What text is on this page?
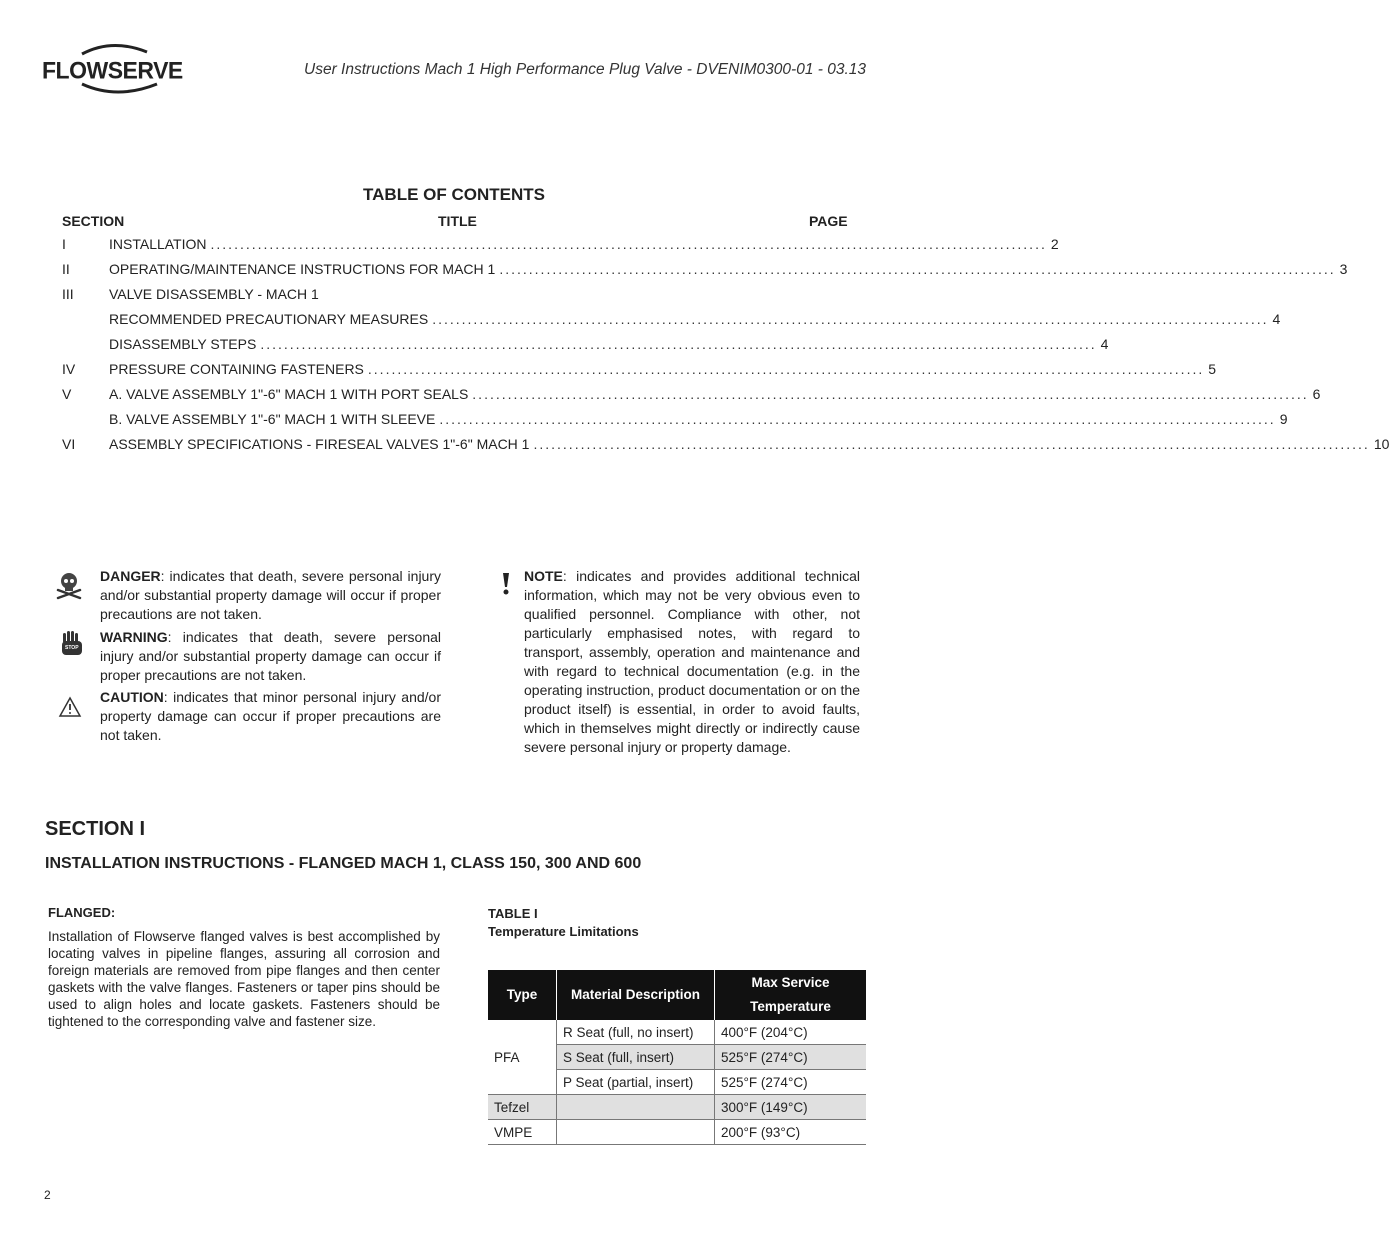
FLOWSERVE	User Instructions Mach 1 High Performance Plug Valve - DVENIM0300-01 - 03.13
TABLE OF CONTENTS
SECTION	TITLE	PAGE
I	INSTALLATION .............................................................................................................................................. 2
II	OPERATING/MAINTENANCE INSTRUCTIONS FOR MACH 1 .............................................................................................................................................. 3
III	VALVE DISASSEMBLY - MACH 1
RECOMMENDED PRECAUTIONARY MEASURES .............................................................................................................................................. 4
DISASSEMBLY STEPS .............................................................................................................................................. 4
IV PRESSURE CONTAINING FASTENERS .............................................................................................................................................. 5
V	A. VALVE ASSEMBLY 1"-6" MACH 1 WITH PORT SEALS .............................................................................................................................................. 6
B. VALVE ASSEMBLY 1"-6" MACH 1 WITH SLEEVE .............................................................................................................................................. 9
VI ASSEMBLY SPECIFICATIONS - FIRESEAL VALVES 1"-6" MACH 1 .............................................................................................................................................. 10
DANGER: indicates that death, severe personal injury and/or substantial property damage will occur if proper precautions are not taken.
STOP
WARNING: indicates that death, severe personal injury and/or substantial property damage can occur if proper precautions are not taken.
CAUTION: indicates that minor personal injury and/or property damage can occur if proper precautions are not taken.
NOTE: indicates and provides additional technical information, which may not be very obvious even to qualified personnel. Compliance with other, not particularly emphasised notes, with regard to transport, assembly, operation and maintenance and with regard to technical documentation (e.g. in the operating instruction, product documentation or on the product itself) is essential, in order to avoid faults, which in themselves might directly or indirectly cause severe personal injury or property damage.
SECTION I
INSTALLATION INSTRUCTIONS - FLANGED MACH 1, CLASS 150, 300 AND 600
FLANGED:
Installation of Flowserve flanged valves is best accomplished by locating valves in pipeline flanges, assuring all corrosion and foreign materials are removed from pipe flanges and then center gaskets with the valve flanges. Fasteners or taper pins should be used to align holes and locate gaskets. Fasteners should be tightened to the corresponding valve and fastener size.
TABLE I
Temperature Limitations
Type	Material Description	Max Service Temperature
PFA	R Seat (full, no insert)	400°F (204°C)
	S Seat (full, insert)	525°F (274°C)
	P Seat (partial, insert)	525°F (274°C)
Tefzel		300°F (149°C)
VMPE		200°F (93°C)
2
